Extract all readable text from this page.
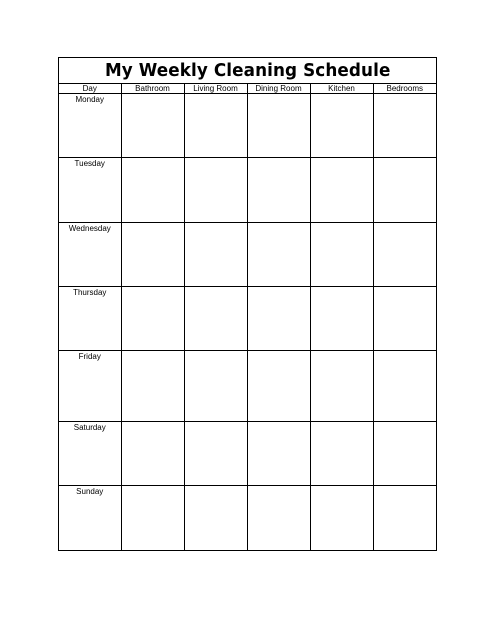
My Weekly Cleaning Schedule
Day	Bathroom	Living Room	Dining Room	Kitchen	Bedrooms

Monday					

Tuesday					

Wednesday					

Thursday					

Friday					

Saturday					

Sunday					
